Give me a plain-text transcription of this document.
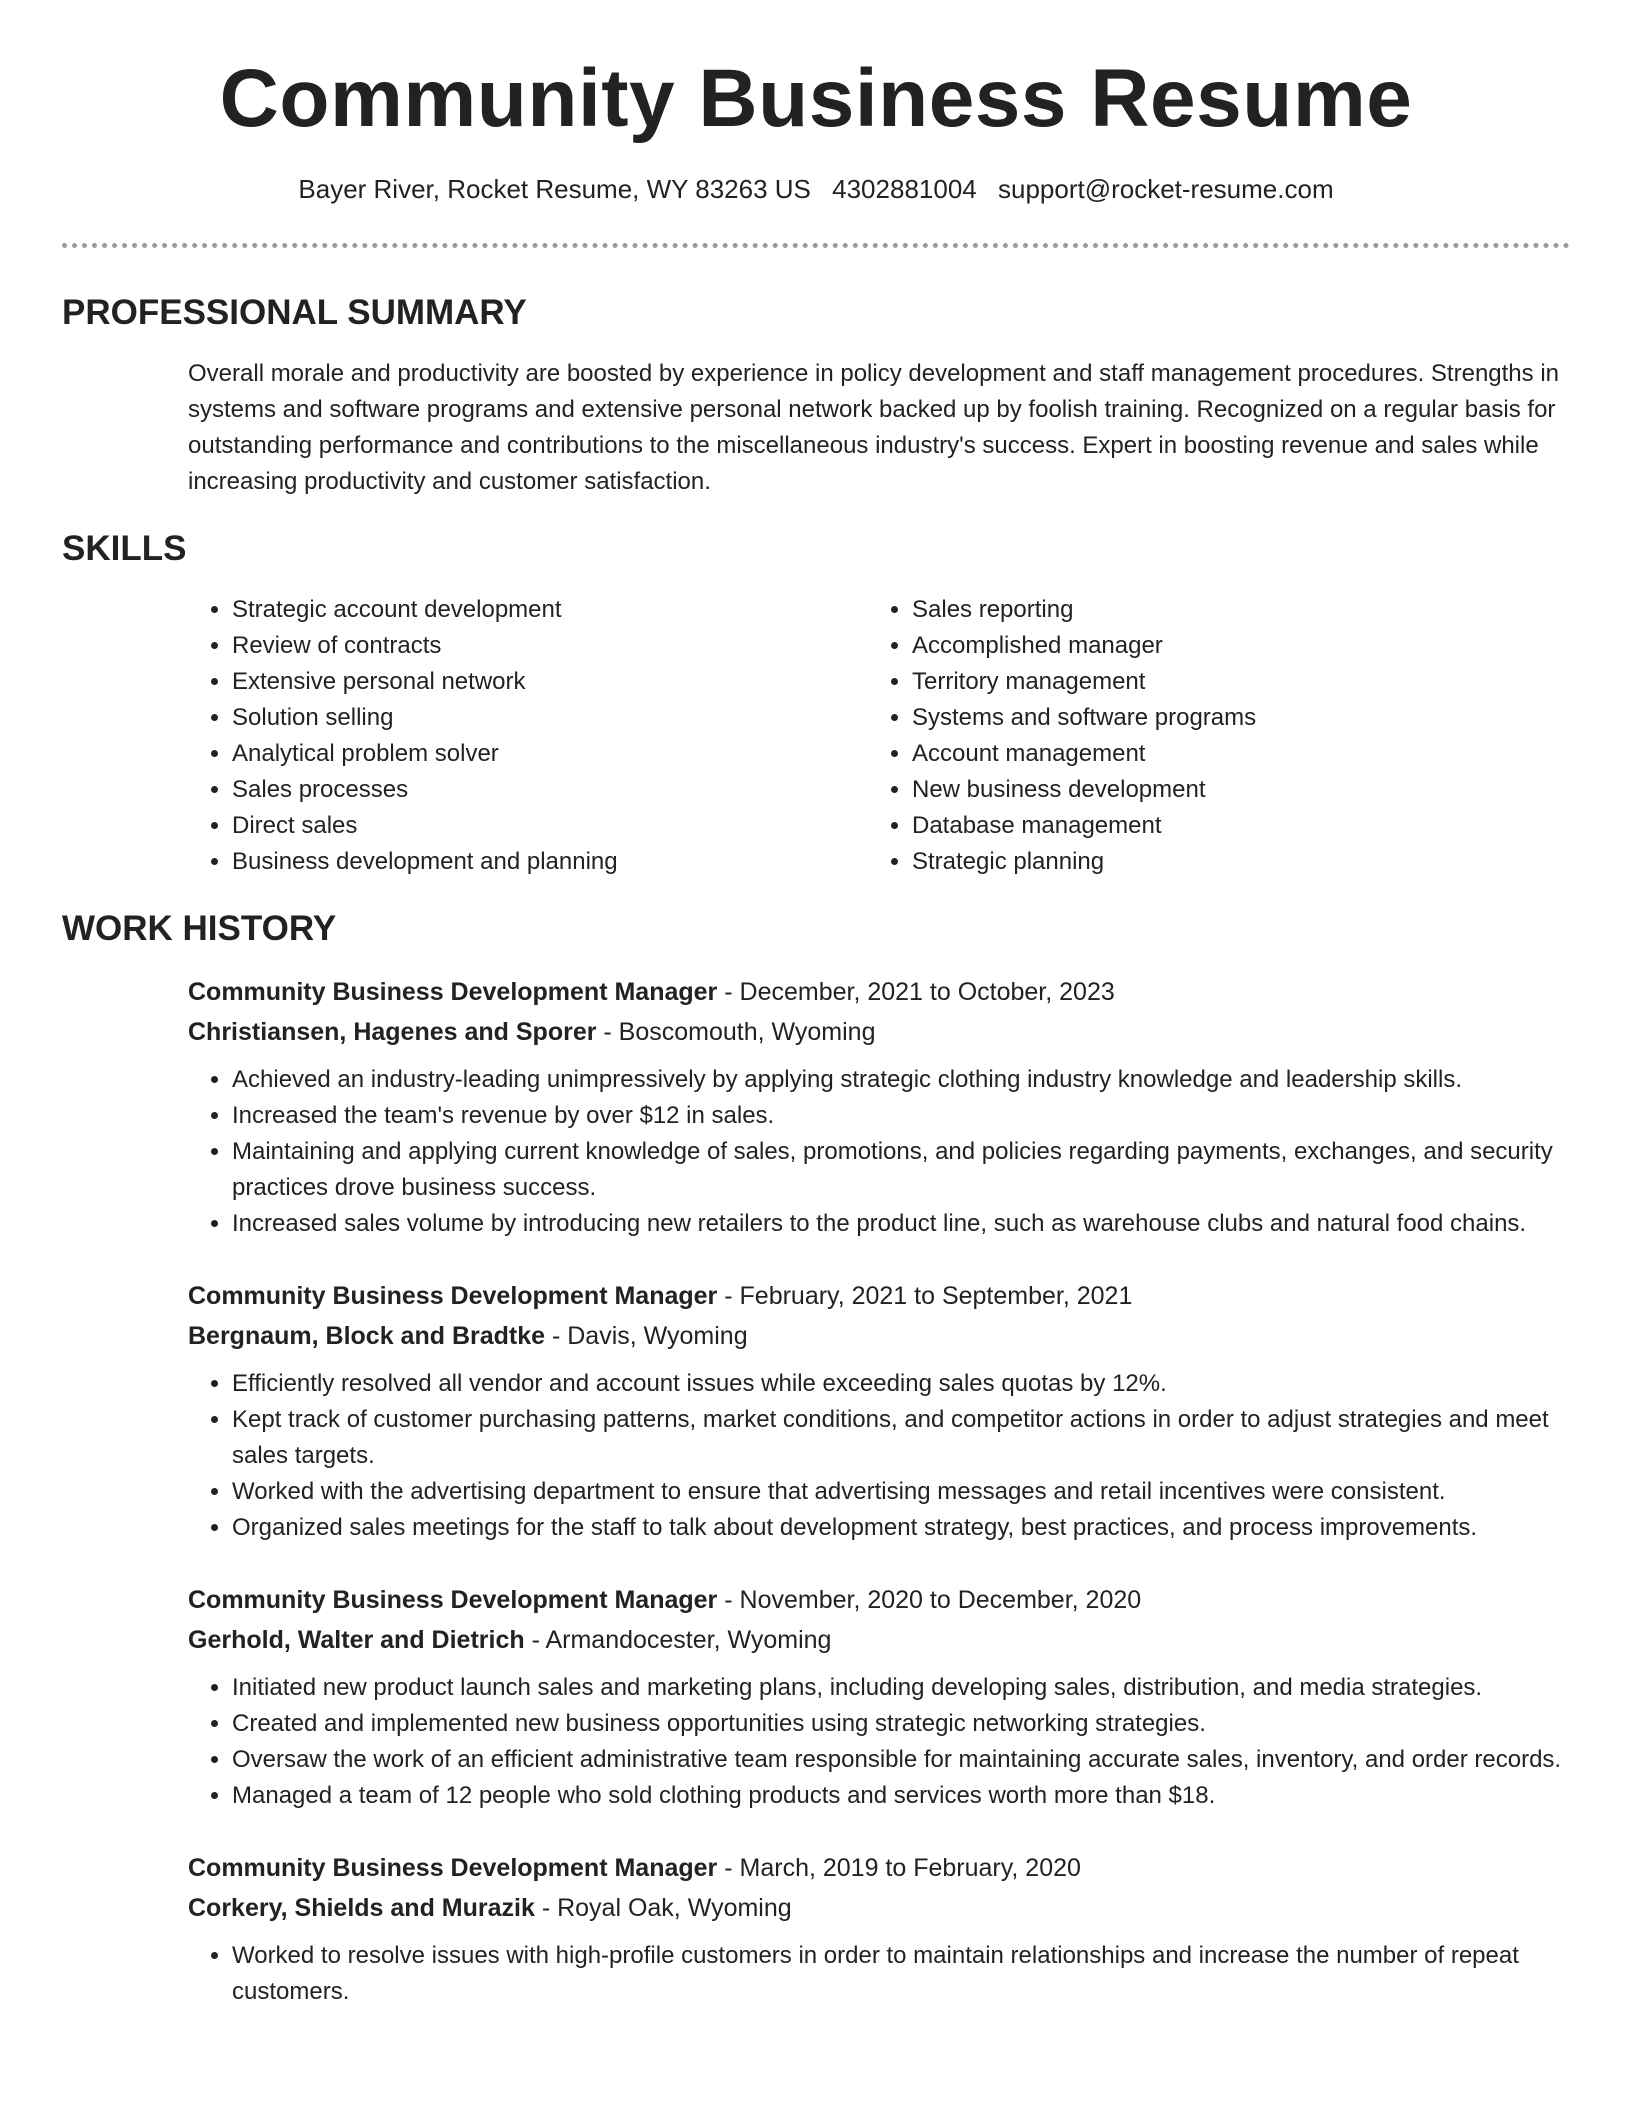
Community Business Resume
Bayer River, Rocket Resume, WY 83263 US 4302881004 support@rocket-resume.com
PROFESSIONAL SUMMARY

Overall morale and productivity are boosted by experience in policy development and staff management procedures. Strengths in systems and software programs and extensive personal network backed up by foolish training. Recognized on a regular basis for outstanding performance and contributions to the miscellaneous industry's success. Expert in boosting revenue and sales while increasing productivity and customer satisfaction.

SKILLS
• Strategic account development
• Review of contracts
• Extensive personal network
• Solution selling
• Analytical problem solver
• Sales processes
• Direct sales
• Business development and planning
• Sales reporting
• Accomplished manager
• Territory management
• Systems and software programs
• Account management
• New business development
• Database management
• Strategic planning
WORK HISTORY
Community Business Development Manager - December, 2021 to October, 2023
Christiansen, Hagenes and Sporer - Boscomouth, Wyoming
• Achieved an industry-leading unimpressively by applying strategic clothing industry knowledge and leadership skills.
• Increased the team's revenue by over $12 in sales.
• Maintaining and applying current knowledge of sales, promotions, and policies regarding payments, exchanges, and security practices drove business success.
• Increased sales volume by introducing new retailers to the product line, such as warehouse clubs and natural food chains.
Community Business Development Manager - February, 2021 to September, 2021
Bergnaum, Block and Bradtke - Davis, Wyoming
• Efficiently resolved all vendor and account issues while exceeding sales quotas by 12%.
• Kept track of customer purchasing patterns, market conditions, and competitor actions in order to adjust strategies and meet sales targets.
• Worked with the advertising department to ensure that advertising messages and retail incentives were consistent.
• Organized sales meetings for the staff to talk about development strategy, best practices, and process improvements.
Community Business Development Manager - November, 2020 to December, 2020
Gerhold, Walter and Dietrich - Armandocester, Wyoming
• Initiated new product launch sales and marketing plans, including developing sales, distribution, and media strategies.
• Created and implemented new business opportunities using strategic networking strategies.
• Oversaw the work of an efficient administrative team responsible for maintaining accurate sales, inventory, and order records.
• Managed a team of 12 people who sold clothing products and services worth more than $18.
Community Business Development Manager - March, 2019 to February, 2020
Corkery, Shields and Murazik - Royal Oak, Wyoming
• Worked to resolve issues with high-profile customers in order to maintain relationships and increase the number of repeat customers.
